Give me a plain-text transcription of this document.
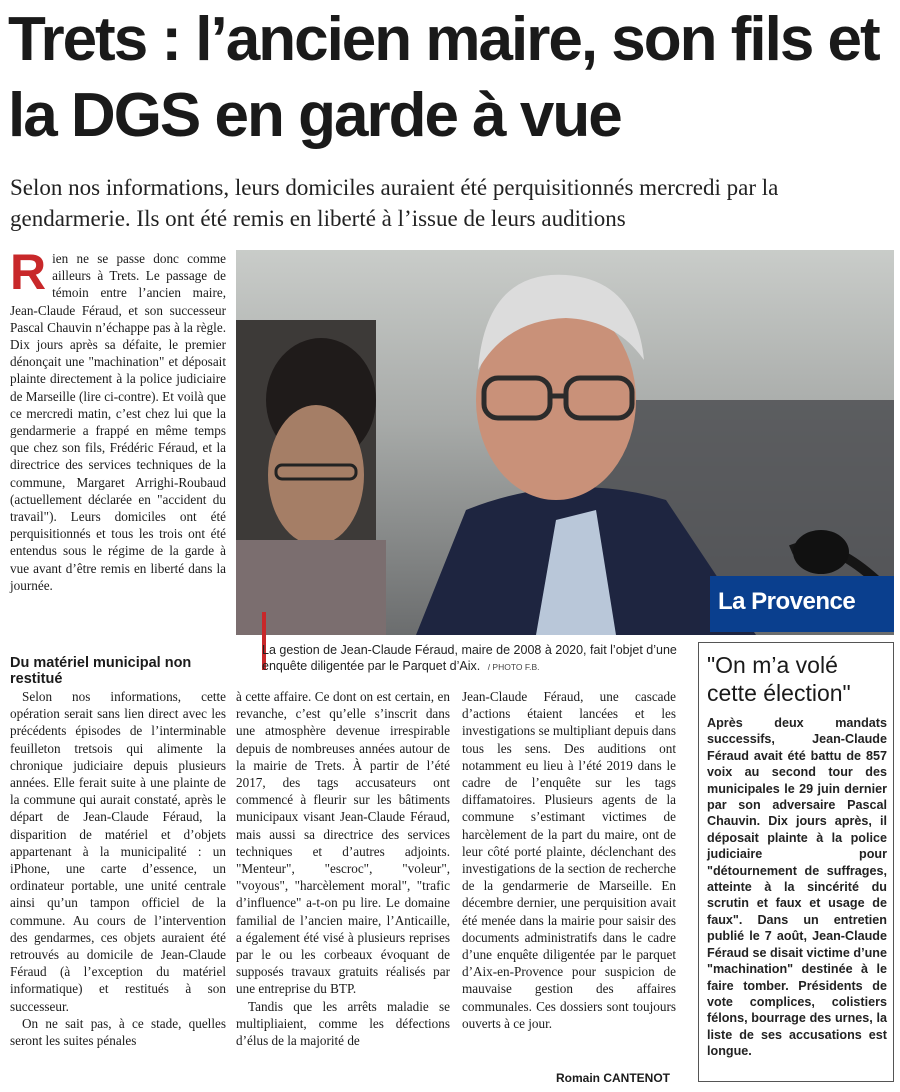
Trets : l’ancien maire, son fils et la DGS en garde à vue

Selon nos informations, leurs domiciles auraient été perquisitionnés mercredi par la gendarmerie. Ils ont été remis en liberté à l’issue de leurs auditions

R ien ne se passe donc comme ailleurs à Trets. Le passage de témoin entre l’ancien maire, Jean-Claude Féraud, et son successeur Pascal Chauvin n’échappe pas à la règle. Dix jours après sa défaite, le premier dénonçait une "machination" et déposait plainte directement à la police judiciaire de Marseille (lire ci-contre). Et voilà que ce mercredi matin, c’est chez lui que la gendarmerie a frappé en même temps que chez son fils, Frédéric Féraud, et la directrice des services techniques de la commune, Margaret Arrighi-Roubaud (actuellement déclarée en "accident du travail"). Leurs domiciles ont été perquisitionnés et tous les trois ont été entendus sous le régime de la garde à vue avant d’être remis en liberté dans la journée.
La Provence

La gestion de Jean-Claude Féraud, maire de 2008 à 2020, fait l’objet d’une enquête diligentée par le Parquet d’Aix. / PHOTO F.B.

Du matériel municipal non restitué

Selon nos informations, cette opération serait sans lien direct avec les précédents épisodes de l’interminable feuilleton tretsois qui alimente la chronique judiciaire depuis plusieurs années. Elle ferait suite à une plainte de la commune qui aurait constaté, après le départ de Jean-Claude Féraud, la disparition de matériel et d’objets appartenant à la municipalité : un iPhone, une carte d’essence, un ordinateur portable, une unité centrale ainsi qu’un tampon officiel de la commune. Au cours de l’intervention des gendarmes, ces objets auraient été retrouvés au domicile de Jean-Claude Féraud (à l’exception du matériel informatique) et restitués à son successeur.

On ne sait pas, à ce stade, quelles seront les suites pénales

à cette affaire. Ce dont on est certain, en revanche, c’est qu’elle s’inscrit dans une atmosphère devenue irrespirable depuis de nombreuses années autour de la mairie de Trets. À partir de l’été 2017, des tags accusateurs ont commencé à fleurir sur les bâtiments municipaux visant Jean-Claude Féraud, mais aussi sa directrice des services techniques et d’autres adjoints. "Menteur", "escroc", "voleur", "voyous", "harcèlement moral", "trafic d’influence" a-t-on pu lire. Le domaine familial de l’ancien maire, l’Anticaille, a également été visé à plusieurs reprises par le ou les corbeaux évoquant de supposés travaux gratuits réalisés par une entreprise du BTP.

Tandis que les arrêts maladie se multipliaient, comme les défections d’élus de la majorité de

Jean-Claude Féraud, une cascade d’actions étaient lancées et les investigations se multipliant depuis dans tous les sens. Des auditions ont notamment eu lieu à l’été 2019 dans le cadre de l’enquête sur les tags diffamatoires. Plusieurs agents de la commune s’estimant victimes de harcèlement de la part du maire, ont de leur côté porté plainte, déclenchant des investigations de la section de recherche de la gendarmerie de Marseille. En décembre dernier, une perquisition avait été menée dans la mairie pour saisir des documents administratifs dans le cadre d’une enquête diligentée par le parquet d’Aix-en-Provence pour suspicion de mauvaise gestion des affaires communales. Ces dossiers sont toujours ouverts à ce jour.

Romain CANTENOT
"On m’a volé cette élection"

Après deux mandats successifs, Jean-Claude Féraud avait été battu de 857 voix au second tour des municipales le 29 juin dernier par son adversaire Pascal Chauvin. Dix jours après, il déposait plainte à la police judiciaire pour "détournement de suffrages, atteinte à la sincérité du scrutin et faux et usage de faux". Dans un entretien publié le 7 août, Jean-Claude Féraud se disait victime d’une "machination" destinée à le faire tomber. Présidents de vote complices, colistiers félons, bourrage des urnes, la liste de ses accusations est longue.
